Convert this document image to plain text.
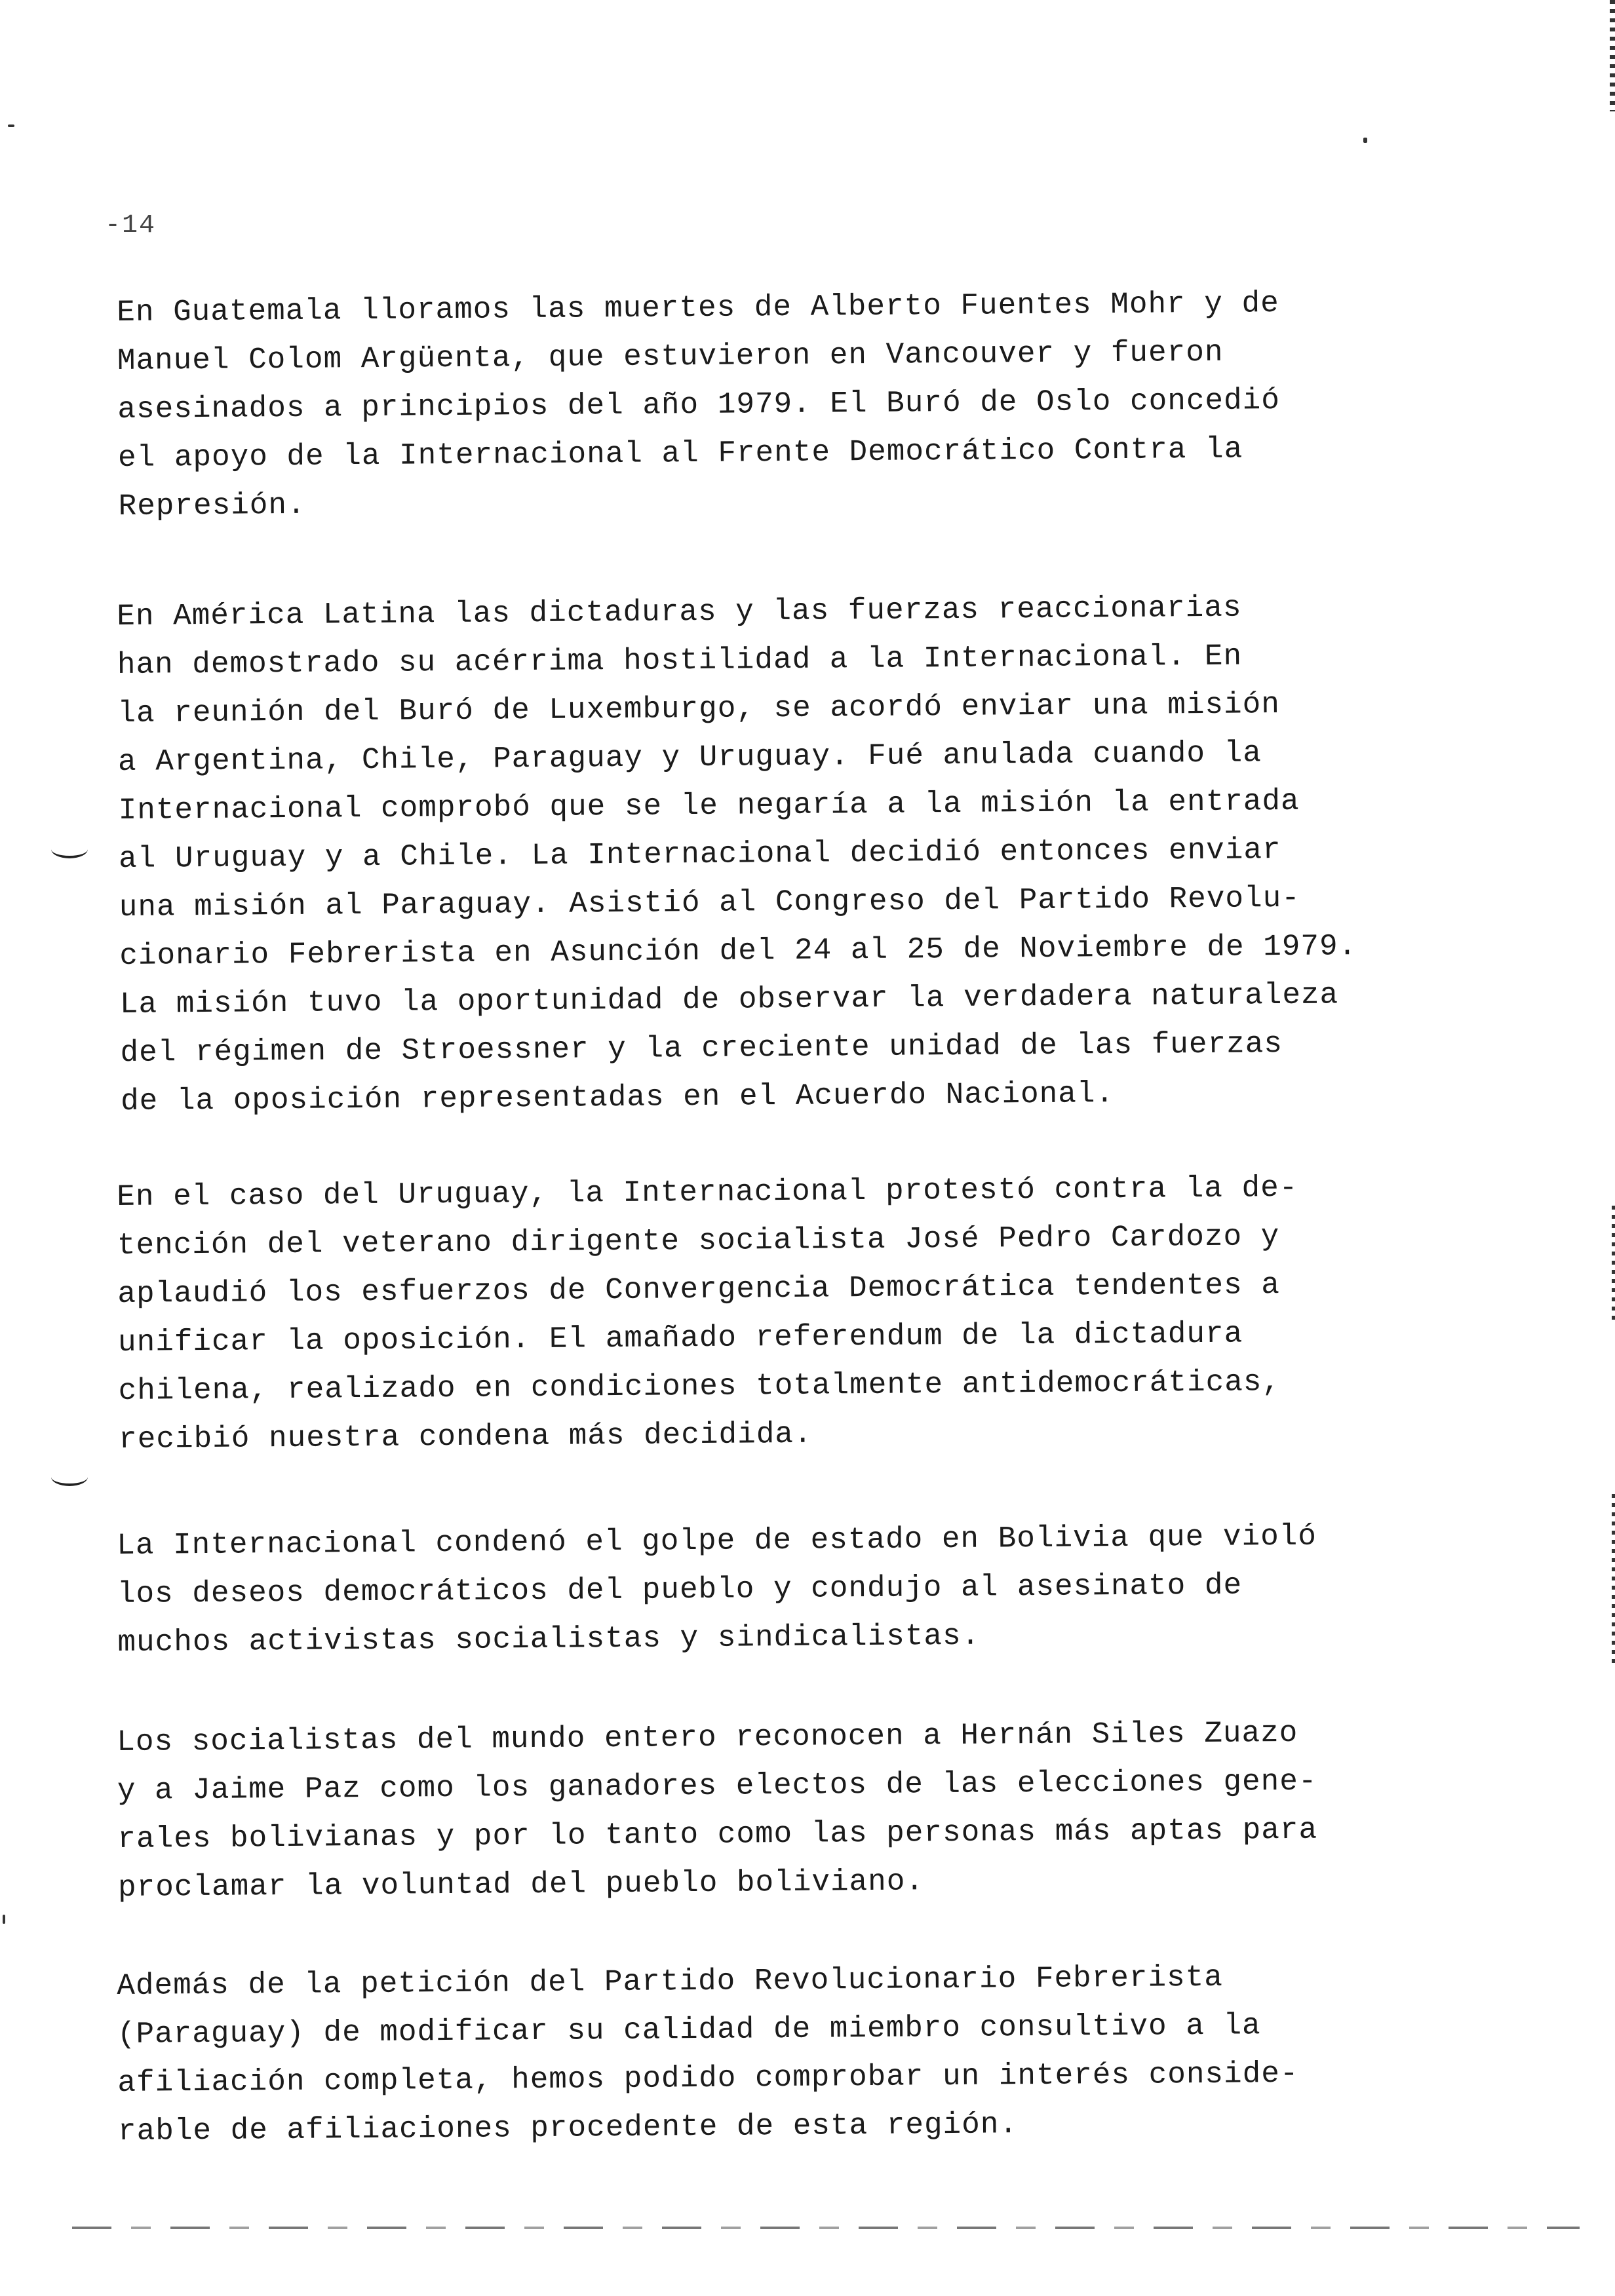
-14

En Guatemala lloramos las muertes de Alberto Fuentes Mohr y de
Manuel Colom Argüenta, que estuvieron en Vancouver y fueron
asesinados a principios del año 1979. El Buró de Oslo concedió
el apoyo de la Internacional al Frente Democrático Contra la
Represión.

En América Latina las dictaduras y las fuerzas reaccionarias
han demostrado su acérrima hostilidad a la Internacional. En
la reunión del Buró de Luxemburgo, se acordó enviar una misión
a Argentina, Chile, Paraguay y Uruguay. Fué anulada cuando la
Internacional comprobó que se le negaría a la misión la entrada
al Uruguay y a Chile. La Internacional decidió entonces enviar
una misión al Paraguay. Asistió al Congreso del Partido Revolu-
cionario Febrerista en Asunción del 24 al 25 de Noviembre de 1979.
La misión tuvo la oportunidad de observar la verdadera naturaleza
del régimen de Stroessner y la creciente unidad de las fuerzas
de la oposición representadas en el Acuerdo Nacional.

En el caso del Uruguay, la Internacional protestó contra la de-
tención del veterano dirigente socialista José Pedro Cardozo y
aplaudió los esfuerzos de Convergencia Democrática tendentes a
unificar la oposición. El amañado referendum de la dictadura
chilena, realizado en condiciones totalmente antidemocráticas,
recibió nuestra condena más decidida.

La Internacional condenó el golpe de estado en Bolivia que violó
los deseos democráticos del pueblo y condujo al asesinato de
muchos activistas socialistas y sindicalistas.

Los socialistas del mundo entero reconocen a Hernán Siles Zuazo
y a Jaime Paz como los ganadores electos de las elecciones gene-
rales bolivianas y por lo tanto como las personas más aptas para
proclamar la voluntad del pueblo boliviano.

Además de la petición del Partido Revolucionario Febrerista
(Paraguay) de modificar su calidad de miembro consultivo a la
afiliación completa, hemos podido comprobar un interés conside-
rable de afiliaciones procedente de esta región.
